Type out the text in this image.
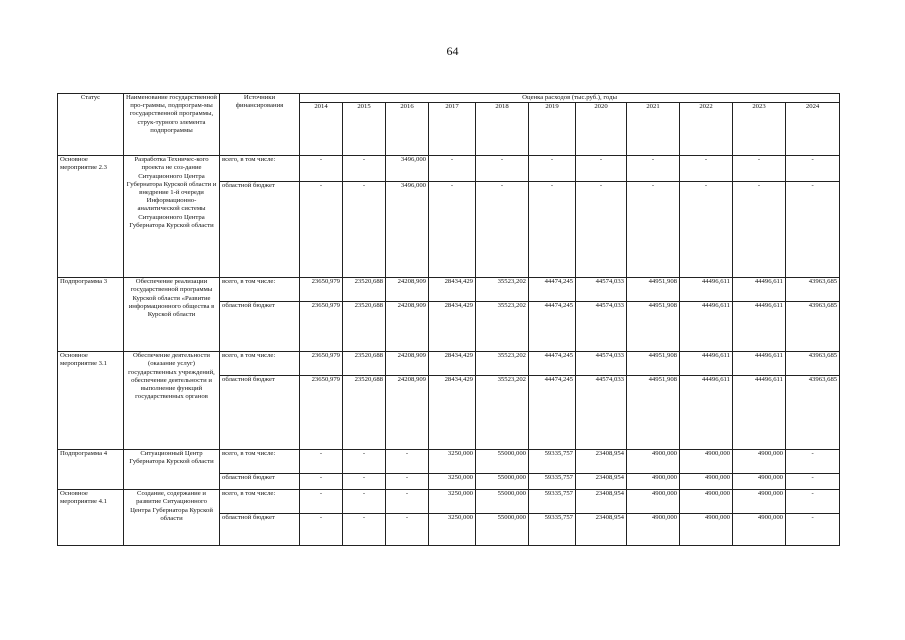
64
Статус	Наименование государственной про-граммы, подпрограм-мы государственной программы, струк-турного элемента подпрограммы	Источники финансирования	Оценка расходов (тыс.руб.), годы										
			2014	2015	2016	2017	2018	2019	2020	2021	2022	2023	2024
Основное мероприятие 2.3	Разработка Техничес-кого проекта не соз-дание Ситуационного Центра Губернатора Курской области и внедрение 1-й очереди Информационно-аналитической системы Ситуационного Центра Губернатора Курской области	всего, в том числе:	-	-	3496,000	-	-	-	-	-	-	-	-
		областной бюджет	-	-	3496,000	-	-	-	-	-	-	-	-
Подпрограмма 3	Обеспечение реализации государственной программы Курской области «Развитие информационного общества в Курской области	всего, в том числе:	23650,979	23520,688	24208,909	28434,429	35523,202	44474,245	44574,033	44951,908	44496,611	44496,611	43963,685
		областной бюджет	23650,979	23520,688	24208,909	28434,429	35523,202	44474,245	44574,033	44951,908	44496,611	44496,611	43963,685
Основное мероприятие 3.1	Обеспечение деятельности (оказание услуг) государственных учреждений, обеспечение деятельности и выполнение функций государственных органов	всего, в том числе:	23650,979	23520,688	24208,909	28434,429	35523,202	44474,245	44574,033	44951,908	44496,611	44496,611	43963,685
		областной бюджет	23650,979	23520,688	24208,909	28434,429	35523,202	44474,245	44574,033	44951,908	44496,611	44496,611	43963,685
Подпрограмма 4	Ситуационный Центр Губернатора Курской области	всего, в том числе:	-	-	-	3250,000	55000,000	59335,757	23408,954	4900,000	4900,000	4900,000	-
		областной бюджет	-	-	-	3250,000	55000,000	59335,757	23408,954	4900,000	4900,000	4900,000	-
Основное мероприятие 4.1	Создание, содержание и развитие Ситуационного Центра Губернатора Курской области	всего, в том числе:	-	-	-	3250,000	55000,000	59335,757	23408,954	4900,000	4900,000	4900,000	-
		областной бюджет	-	-	-	3250,000	55000,000	59335,757	23408,954	4900,000	4900,000	4900,000	-
